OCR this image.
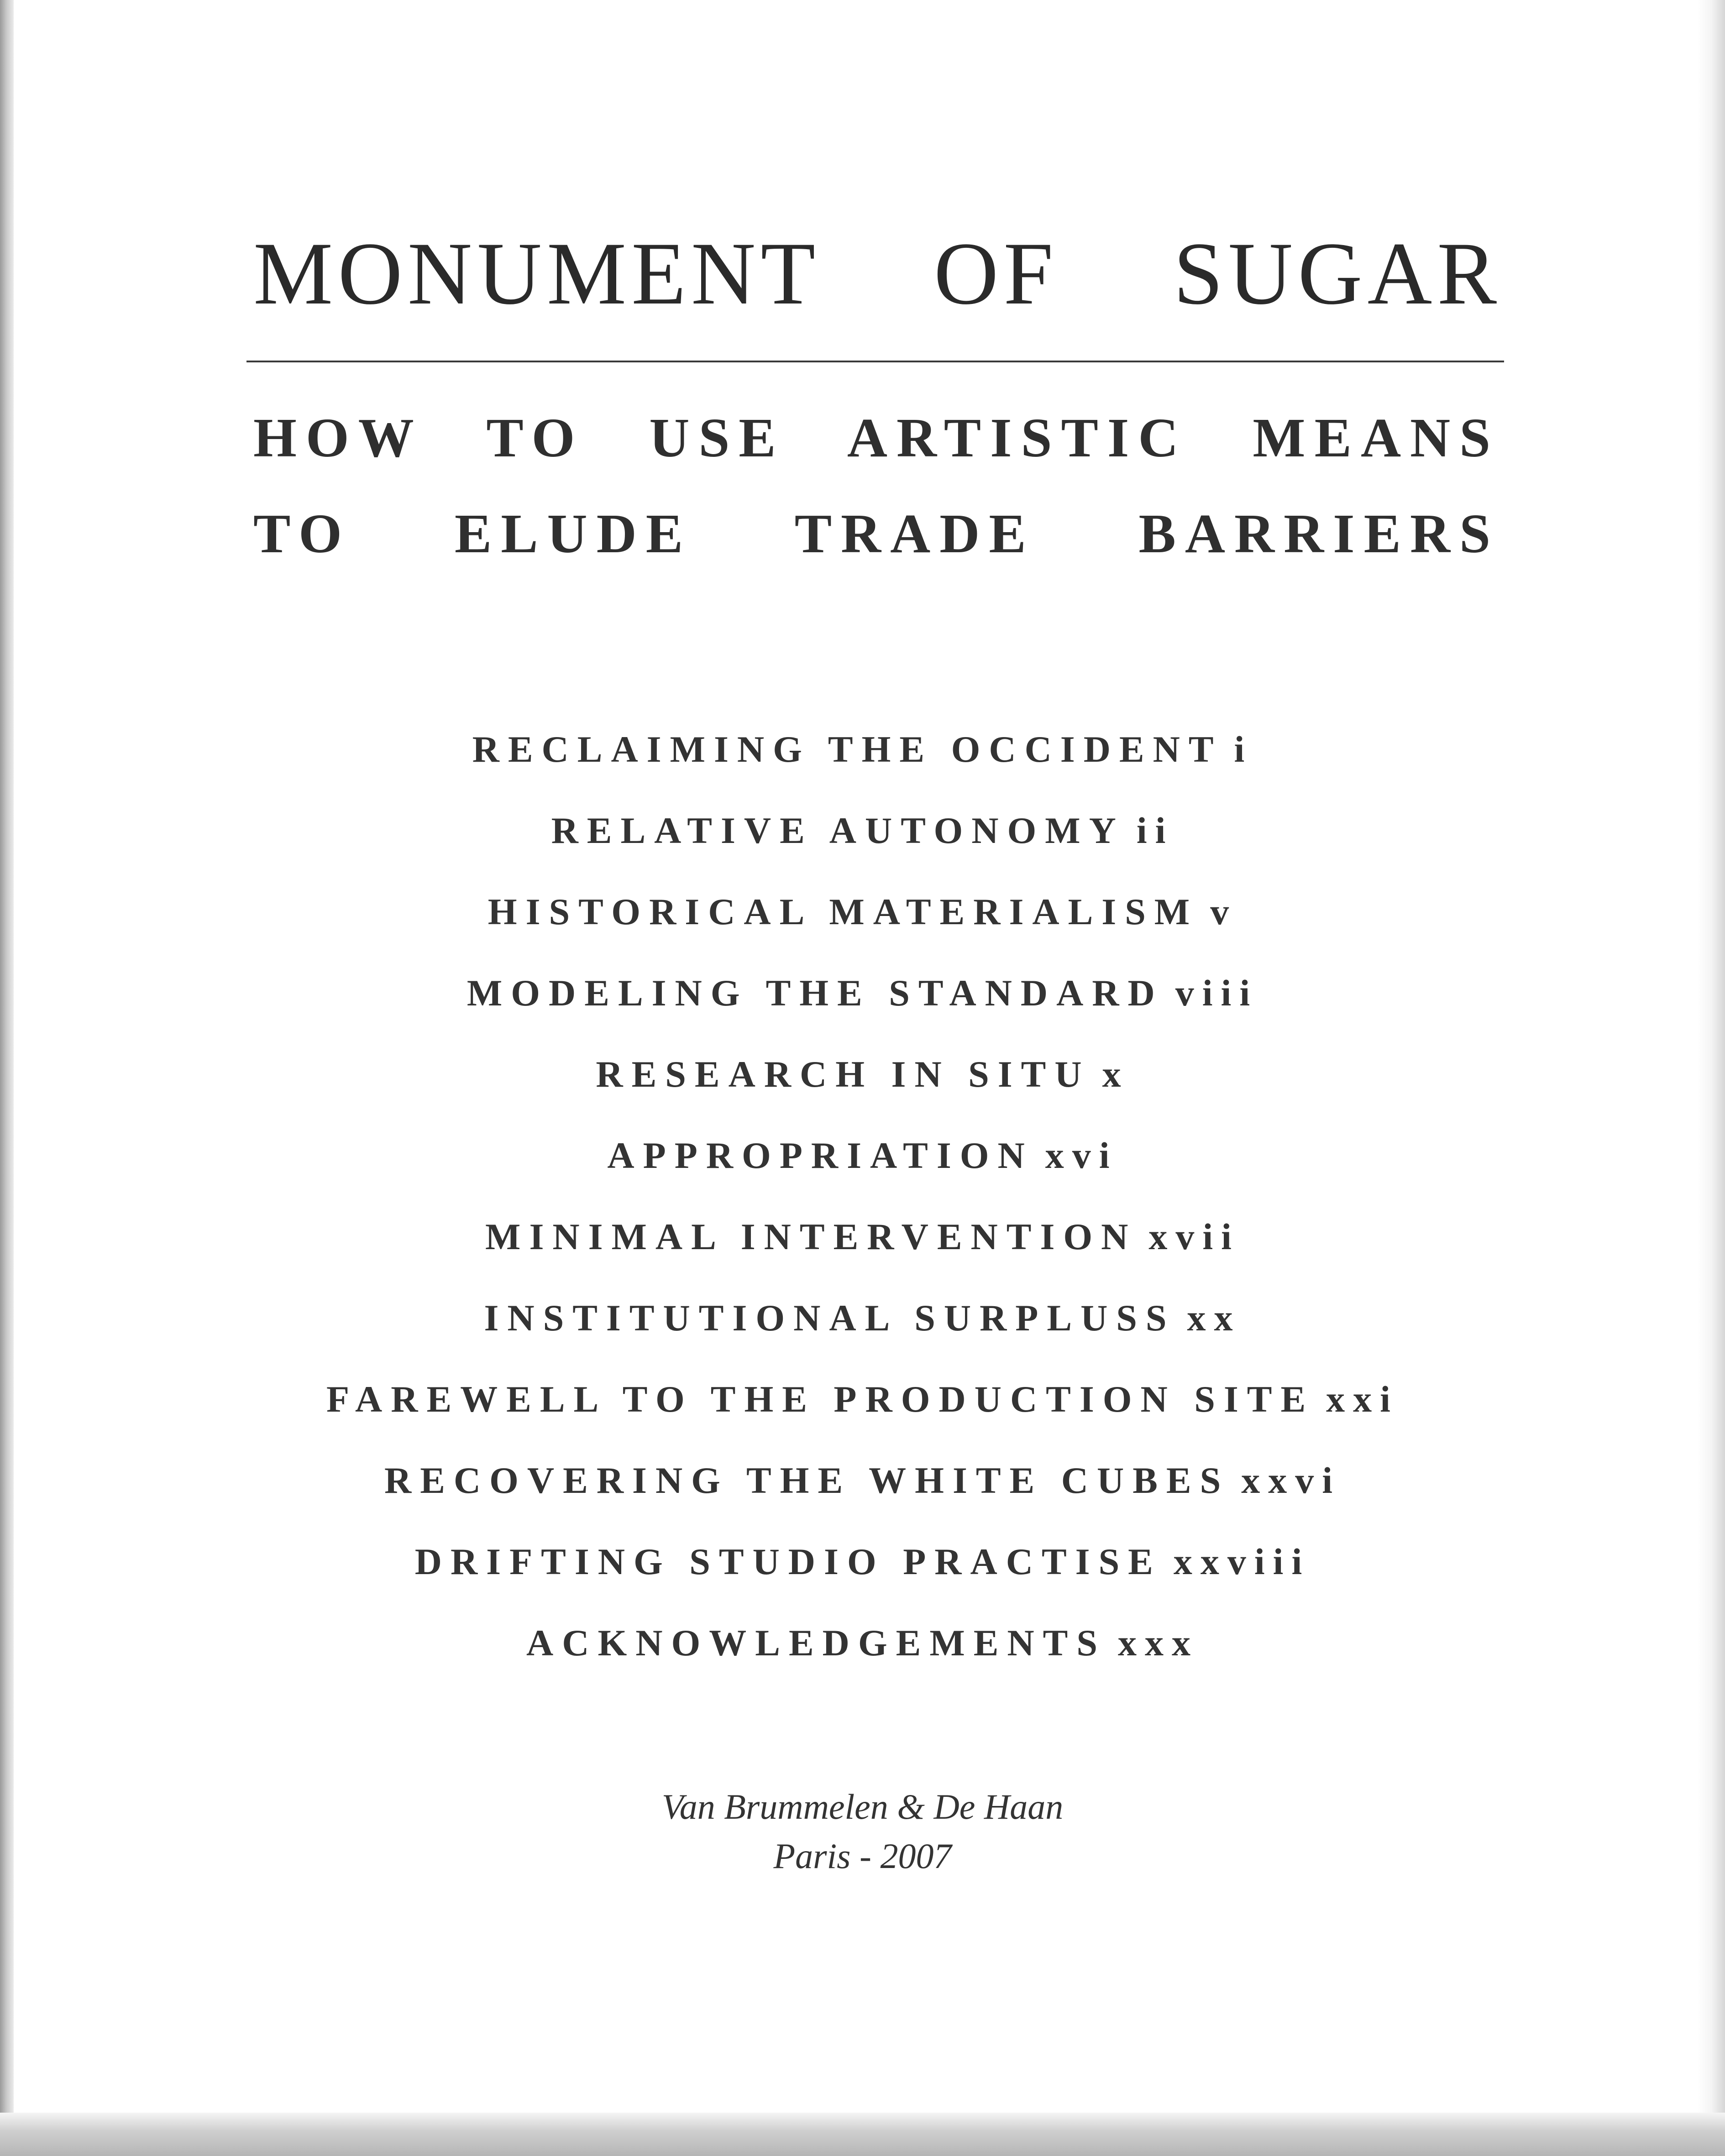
MONUMENT OF SUGAR
HOW TO USE ARTISTIC MEANS
TO ELUDE TRADE BARRIERS
RECLAIMING THE OCCIDENT i
RELATIVE AUTONOMY ii
HISTORICAL MATERIALISM v
MODELING THE STANDARD viii
RESEARCH IN SITU x
APPROPRIATION xvi
MINIMAL INTERVENTION xvii
INSTITUTIONAL SURPLUSS xx
FAREWELL TO THE PRODUCTION SITE xxi
RECOVERING THE WHITE CUBES xxvi
DRIFTING STUDIO PRACTISE xxviii
ACKNOWLEDGEMENTS xxx
Van Brummelen & De Haan
Paris - 2007
